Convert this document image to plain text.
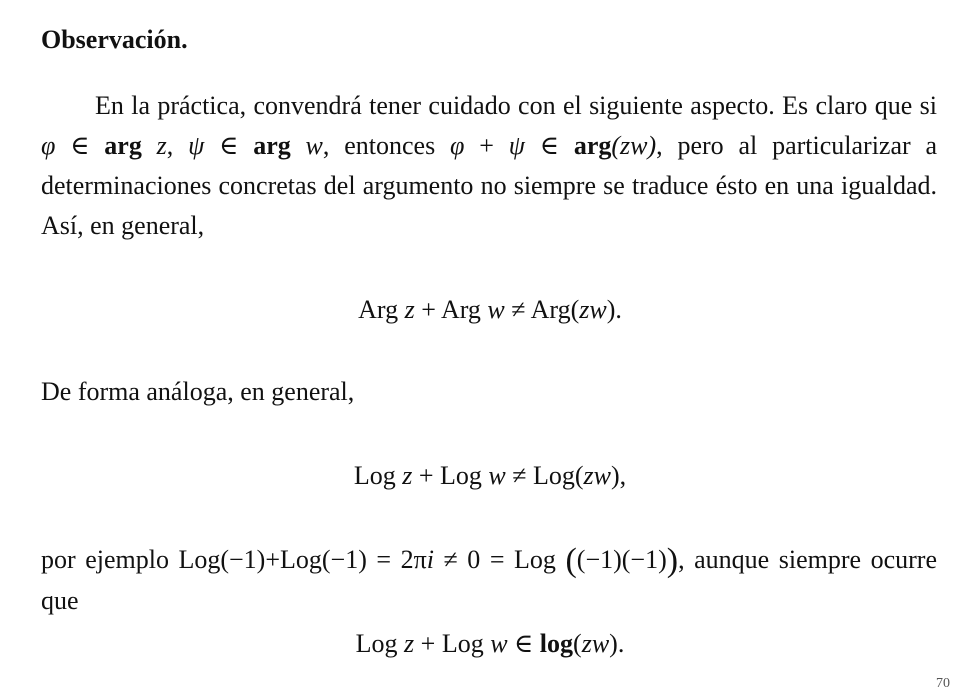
Observación.

En la práctica, convendrá tener cuidado con el siguiente aspecto. Es claro que si φ ∈ arg z, ψ ∈ arg w, entonces φ + ψ ∈ arg(zw), pero al particularizar a determinaciones concretas del argumento no siempre se traduce ésto en una igualdad. Así, en general,

Arg z + Arg w ≠ Arg(zw).

De forma análoga, en general,

Log z + Log w ≠ Log(zw),

por ejemplo Log(−1)+Log(−1) = 2πi ≠ 0 = Log ((−1)(−1)), aunque siempre ocurre que

Log z + Log w ∈ log(zw).

70
